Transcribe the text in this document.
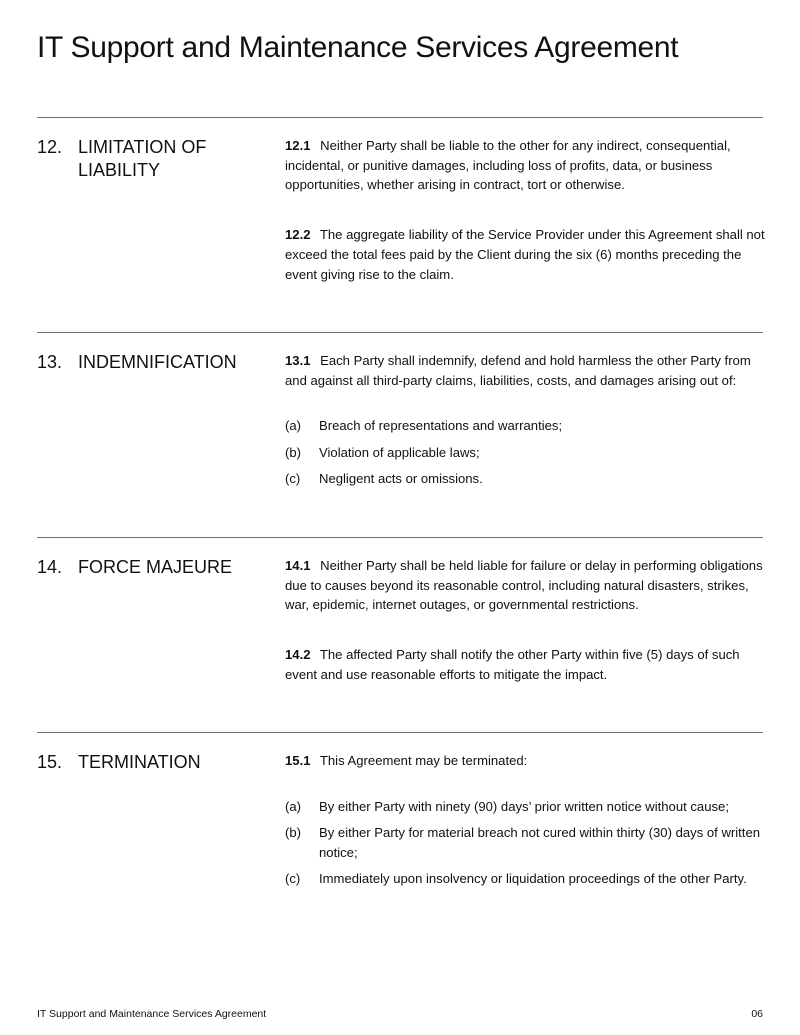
IT Support and Maintenance Services Agreement
12. LIMITATION OF LIABILITY

12.1 Neither Party shall be liable to the other for any indirect, consequential, incidental, or punitive damages, including loss of profits, data, or business opportunities, whether arising in contract, tort or otherwise.

12.2 The aggregate liability of the Service Provider under this Agreement shall not exceed the total fees paid by the Client during the six (6) months preceding the event giving rise to the claim.

13. INDEMNIFICATION	13.1 Each Party shall indemnify, defend and hold harmless the other Party from and against all third-party claims, liabilities, costs, and damages arising out of:

(a)	Breach of representations and warranties;
(b)	Violation of applicable laws;
(c)	Negligent acts or omissions.
14. FORCE MAJEURE	14.1 Neither Party shall be held liable for failure or delay in performing obligations due to causes beyond its reasonable control, including natural disasters, strikes, war, epidemic, internet outages, or governmental restrictions.

14.2 The affected Party shall notify the other Party within five (5) days of such event and use reasonable efforts to mitigate the impact.

15. TERMINATION	15.1 This Agreement may be terminated:

(a)	By either Party with ninety (90) days’ prior written notice without cause;
(b)	By either Party for material breach not cured within thirty (30) days of written notice;
(c)	Immediately upon insolvency or liquidation proceedings of the other Party.
IT Support and Maintenance Services Agreement	06
